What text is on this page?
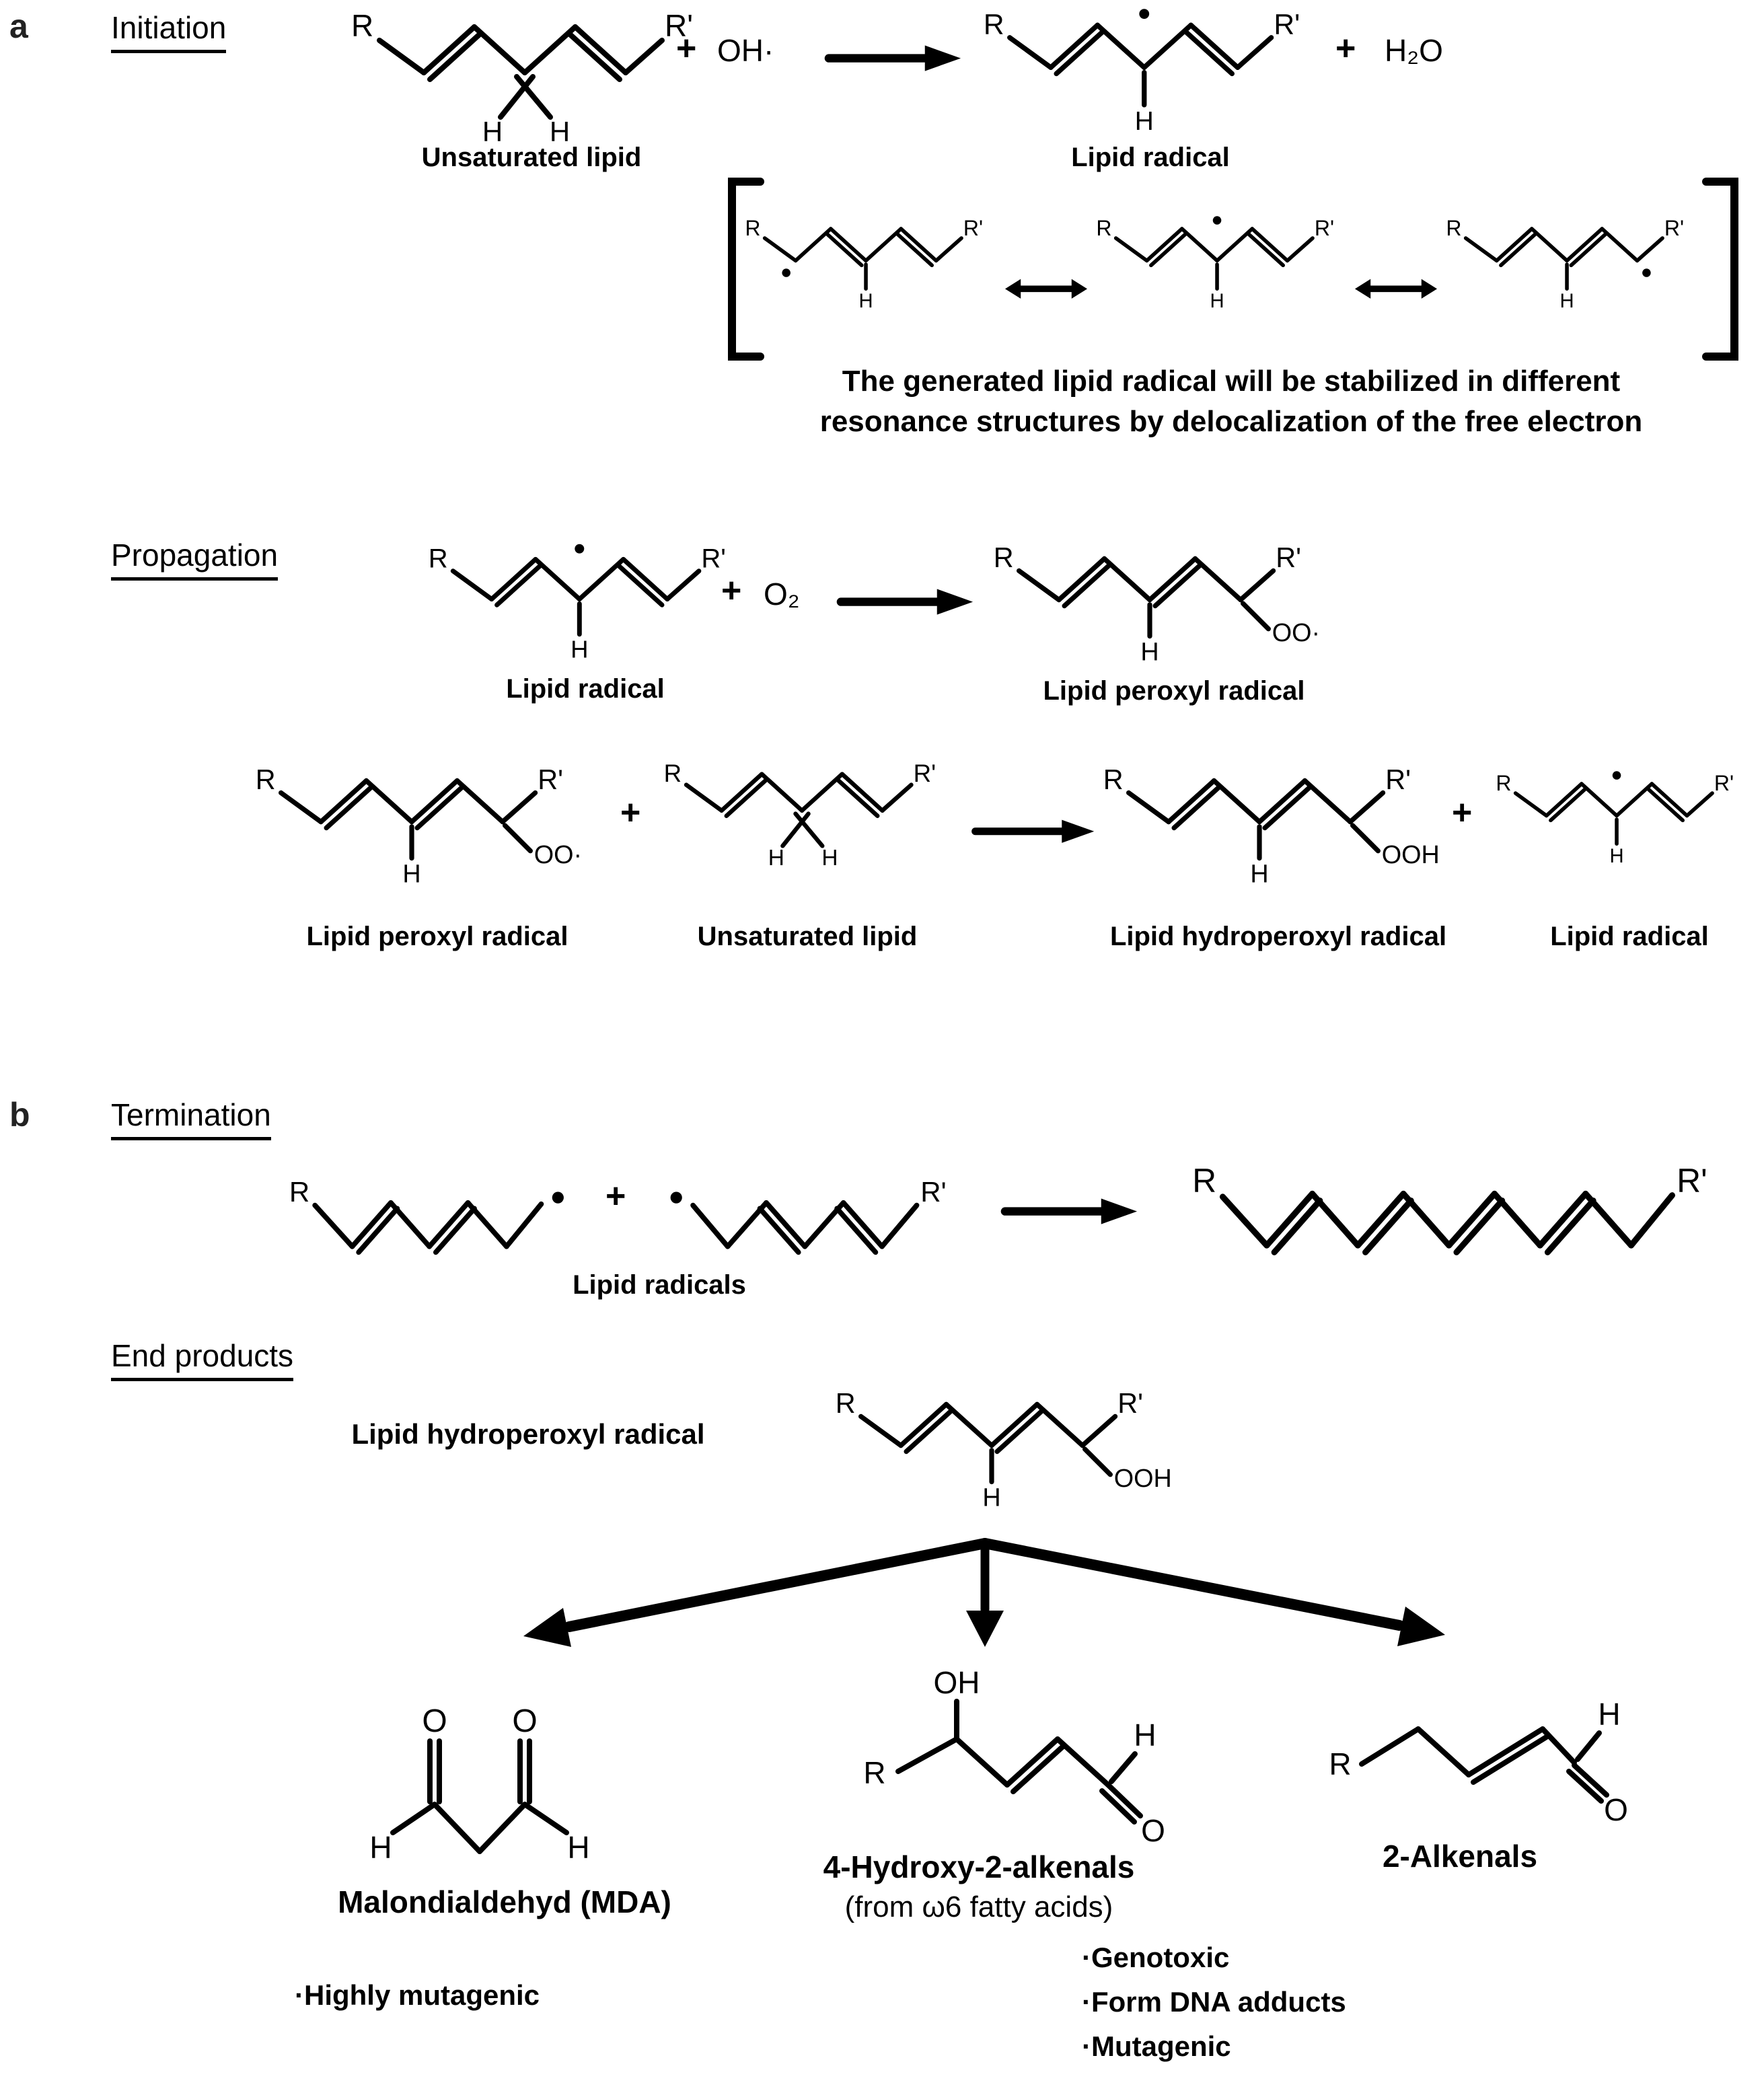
a	Initiation	R	R'
H H
Unsaturated lipid
+ OH·
R	R'
H
Lipid radical
+ H₂O
R	R'
H
R	R'
H
R	R'
H
The generated lipid radical will be stabilized in different
resonance structures by delocalization of the free electron
Propagation	R	R'
H
Lipid radical
+ O₂
R	R'
H
OO·
Lipid peroxyl radical
R	R'
H
OO·
Lipid peroxyl radical
+
R	R'
H H
Unsaturated lipid
R	R'
H
OOH
Lipid hydroperoxyl radical
+
R	R'
H
Lipid radical
b	Termination
R	+	R'	R	R'
Lipid radicals
End products
Lipid hydroperoxyl radical
R	R'
H
OOH
O O
H	H
Malondialdehyd (MDA)
OH
R
H
O
4-Hydroxy-2-alkenals
(from ω6 fatty acids)
R
H
O
2-Alkenals
·Highly mutagenic
·Genotoxic
·Form DNA adducts
·Mutagenic
